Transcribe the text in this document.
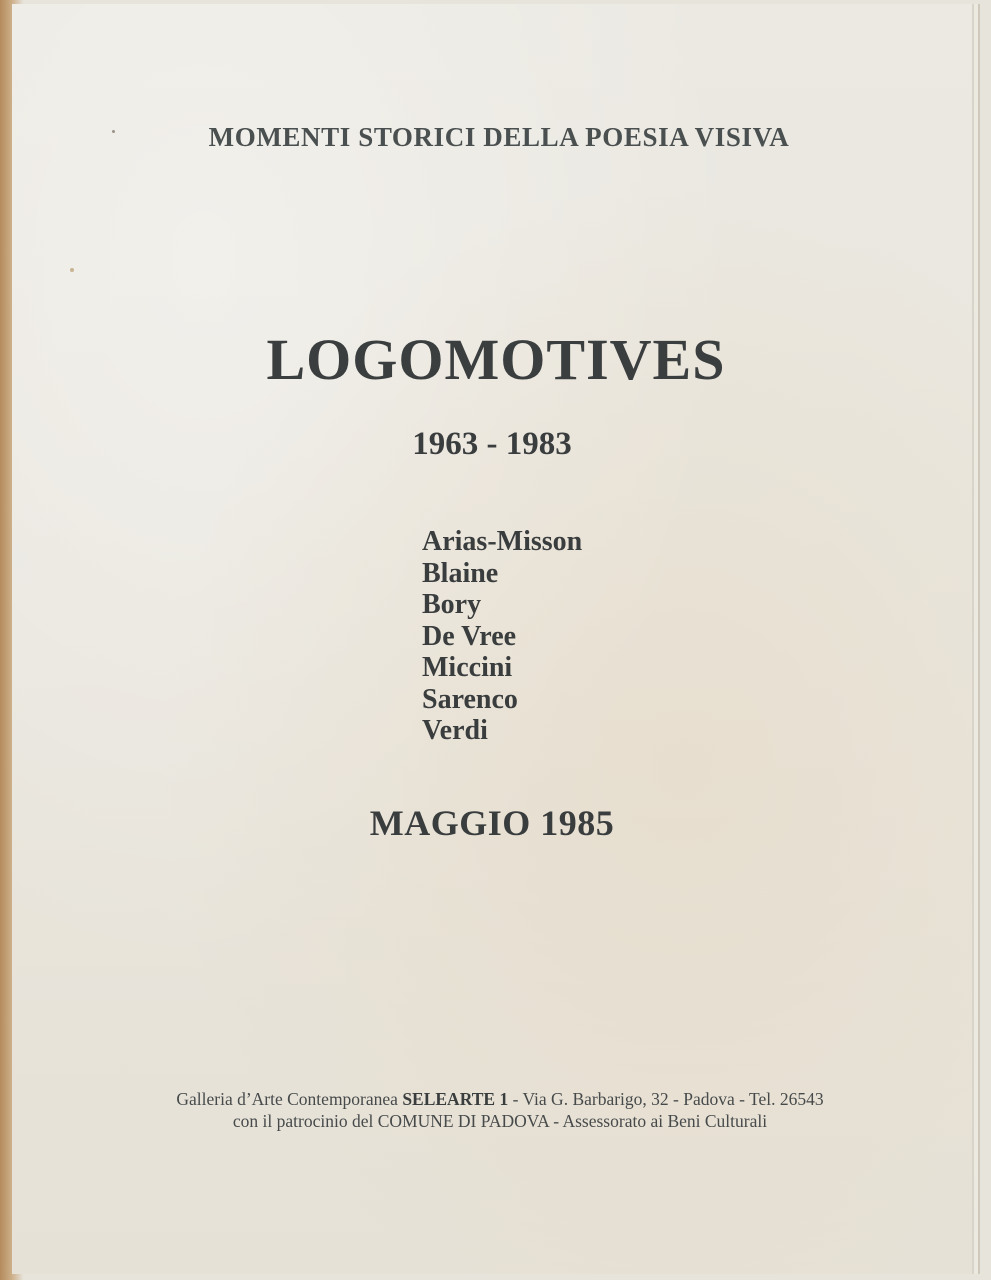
MOMENTI STORICI DELLA POESIA VISIVA
LOGOMOTIVES
1963 - 1983
Arias-Misson
Blaine
Bory
De Vree
Miccini
Sarenco
Verdi
MAGGIO 1985
Galleria d’Arte Contemporanea SELEARTE 1 - Via G. Barbarigo, 32 - Padova - Tel. 26543
con il patrocinio del COMUNE DI PADOVA - Assessorato ai Beni Culturali
